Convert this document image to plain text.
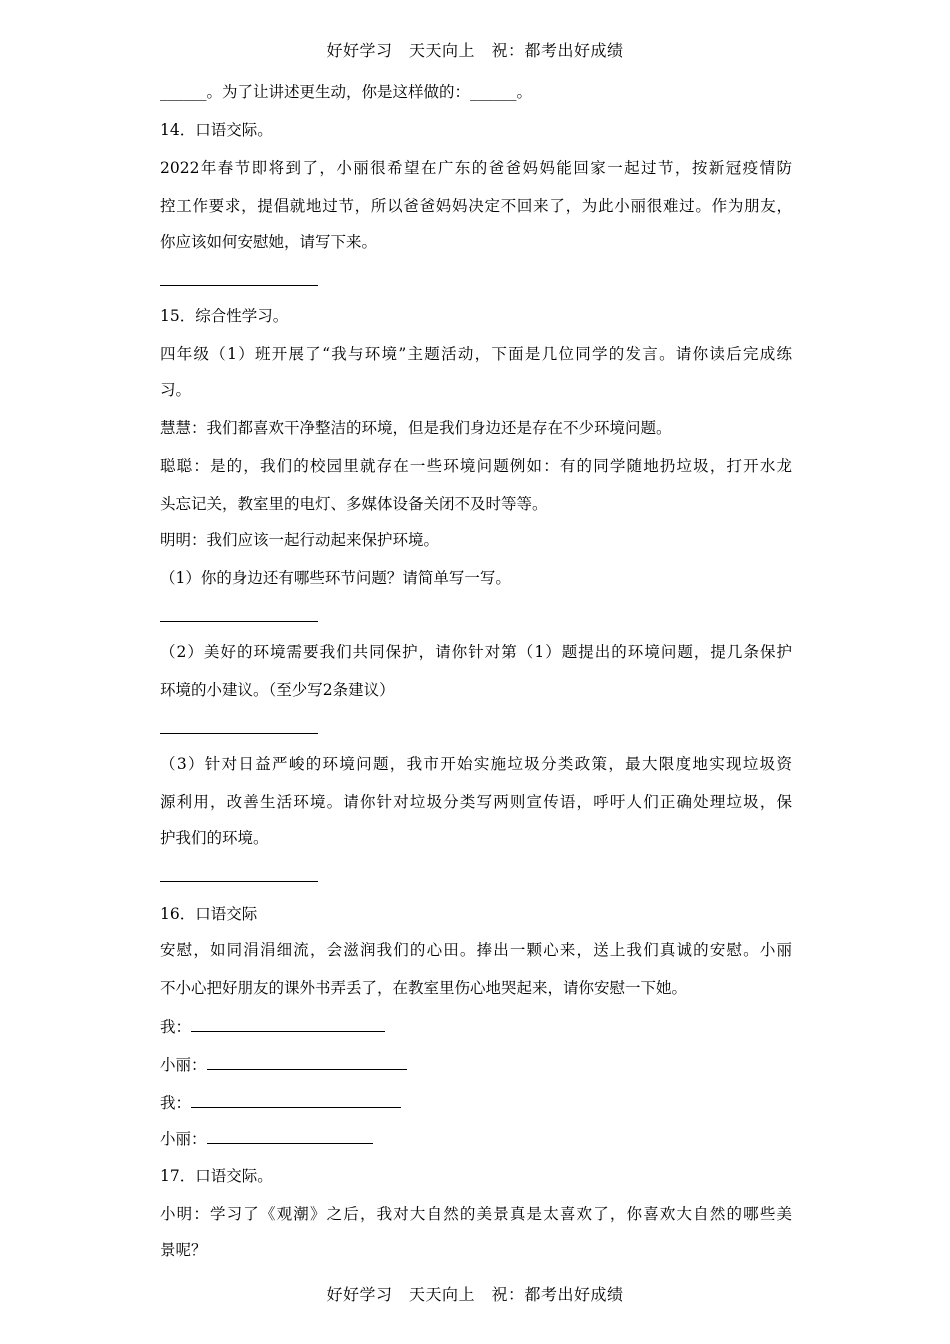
好好学习　天天向上　祝：都考出好成绩
______。为了让讲述更生动，你是这样做的：______。
14．口语交际。
2022年春节即将到了，小丽很希望在广东的爸爸妈妈能回家一起过节，按新冠疫情防
控工作要求，提倡就地过节，所以爸爸妈妈决定不回来了，为此小丽很难过。作为朋友，
你应该如何安慰她，请写下来。
15．综合性学习。
四年级（1）班开展了“我与环境”主题活动，下面是几位同学的发言。请你读后完成练
习。
慧慧：我们都喜欢干净整洁的环境，但是我们身边还是存在不少环境问题。
聪聪：是的，我们的校园里就存在一些环境问题例如：有的同学随地扔垃圾，打开水龙
头忘记关，教室里的电灯、多媒体设备关闭不及时等等。
明明：我们应该一起行动起来保护环境。
（1）你的身边还有哪些环节问题？请简单写一写。
（2）美好的环境需要我们共同保护，请你针对第（1）题提出的环境问题，提几条保护
环境的小建议。（至少写2条建议）
（3）针对日益严峻的环境问题，我市开始实施垃圾分类政策，最大限度地实现垃圾资
源利用，改善生活环境。请你针对垃圾分类写两则宣传语，呼吁人们正确处理垃圾，保
护我们的环境。
16．口语交际
安慰，如同涓涓细流，会滋润我们的心田。捧出一颗心来，送上我们真诚的安慰。小丽
不小心把好朋友的课外书弄丢了，在教室里伤心地哭起来，请你安慰一下她。
我：
小丽：
我：
小丽：
17．口语交际。
小明：学习了《观潮》之后，我对大自然的美景真是太喜欢了，你喜欢大自然的哪些美
景呢？
好好学习　天天向上　祝：都考出好成绩
